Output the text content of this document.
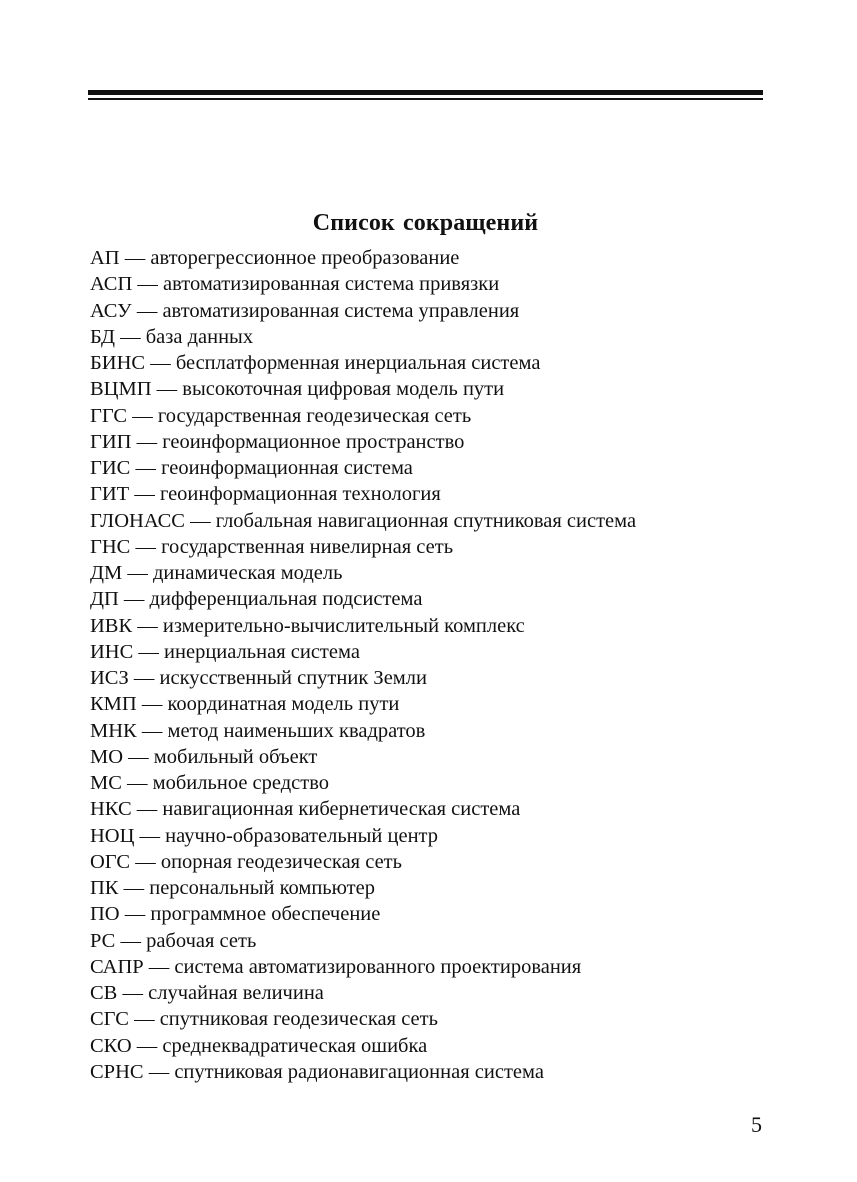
Список сокращений
АП — авторегрессионное преобразование
АСП — автоматизированная система привязки
АСУ — автоматизированная система управления
БД — база данных
БИНС — бесплатформенная инерциальная система
ВЦМП — высокоточная цифровая модель пути
ГГС — государственная геодезическая сеть
ГИП — геоинформационное пространство
ГИС — геоинформационная система
ГИТ — геоинформационная технология
ГЛОНАСС — глобальная навигационная спутниковая система
ГНС — государственная нивелирная сеть
ДМ — динамическая модель
ДП — дифференциальная подсистема
ИВК — измерительно-вычислительный комплекс
ИНС — инерциальная система
ИСЗ — искусственный спутник Земли
КМП — координатная модель пути
МНК — метод наименьших квадратов
МО — мобильный объект
МС — мобильное средство
НКС — навигационная кибернетическая система
НОЦ — научно-образовательный центр
ОГС — опорная геодезическая сеть
ПК — персональный компьютер
ПО — программное обеспечение
РС — рабочая сеть
САПР — система автоматизированного проектирования
СВ — случайная величина
СГС — спутниковая геодезическая сеть
СКО — среднеквадратическая ошибка
СРНС — спутниковая радионавигационная система
5
